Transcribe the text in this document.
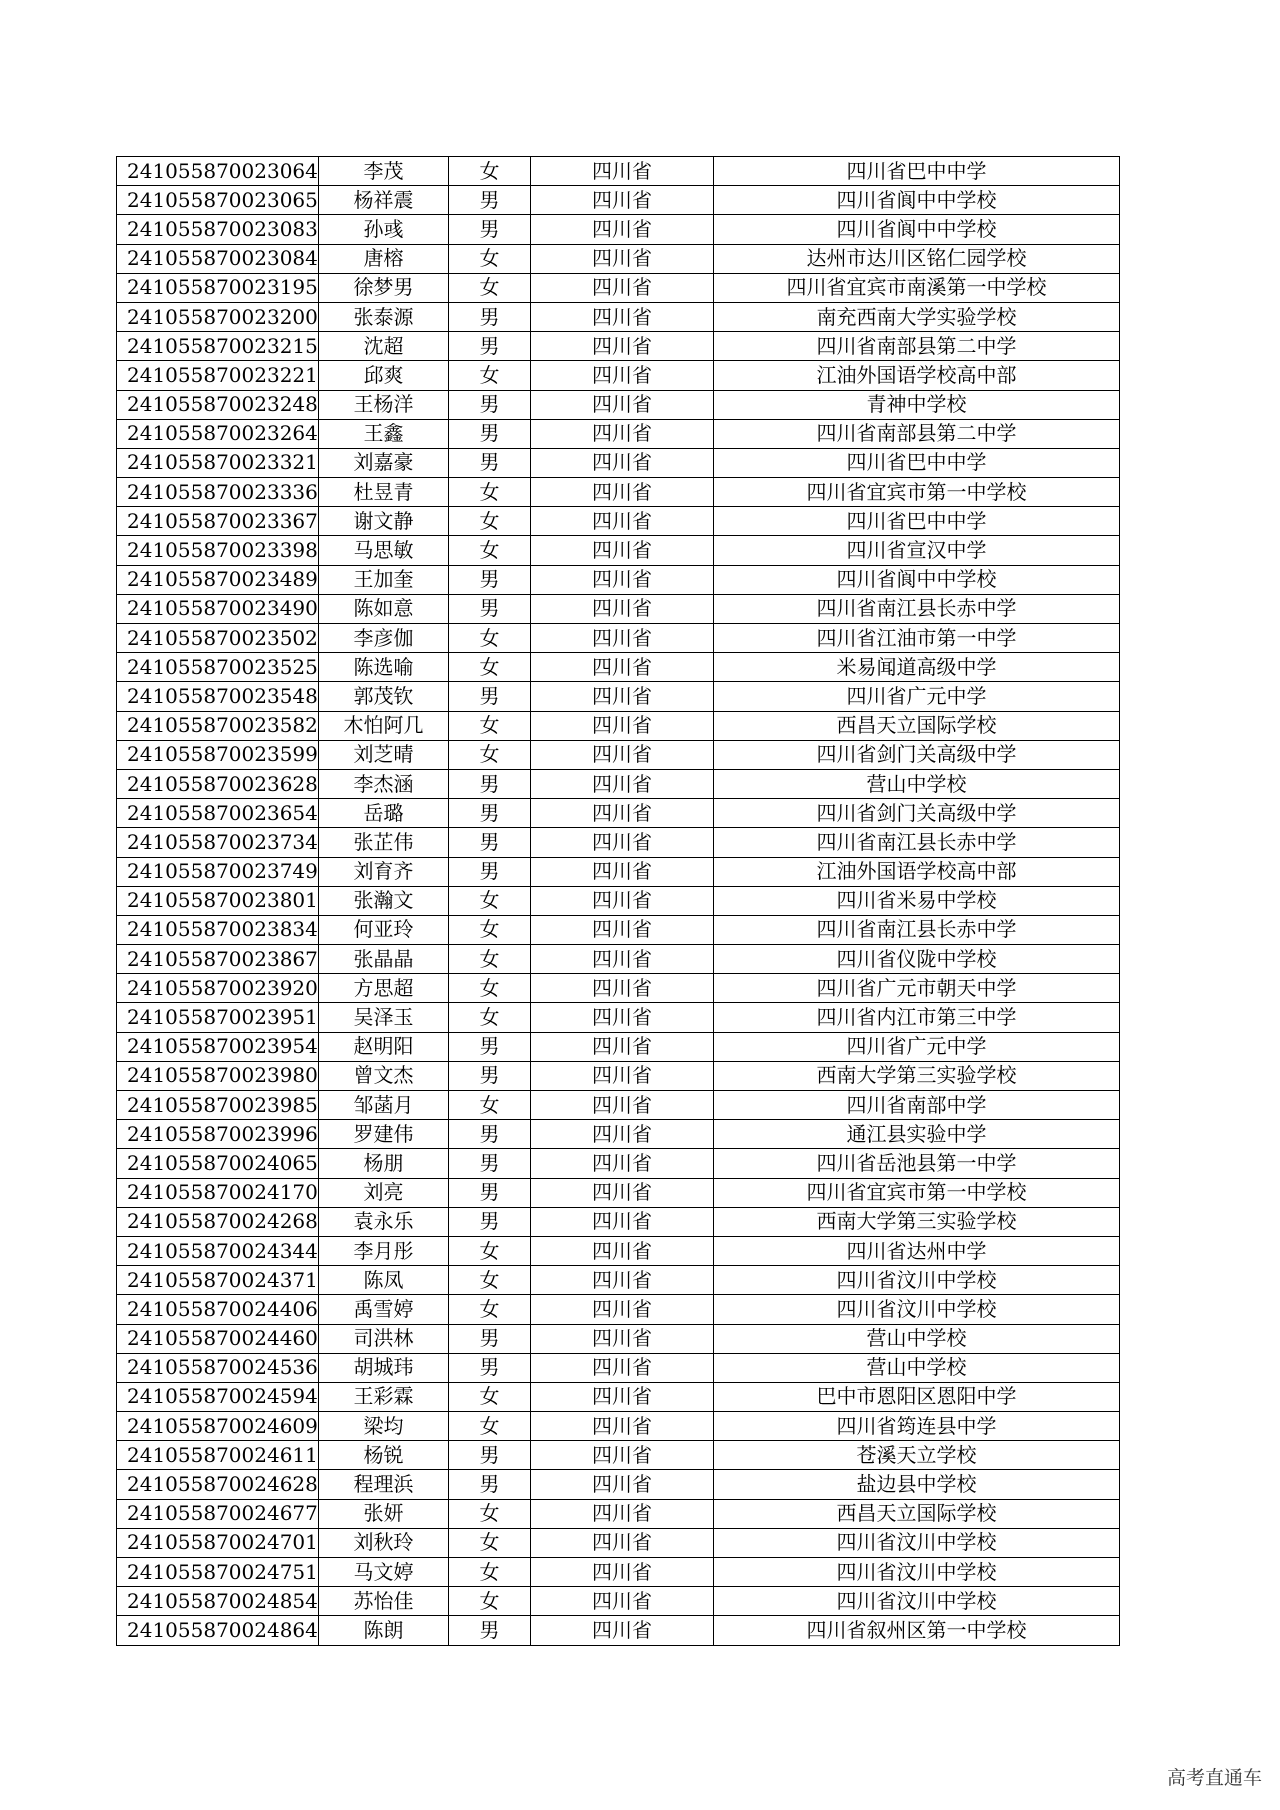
241055870023064	李茂	女	四川省	四川省巴中中学
241055870023065	杨祥震	男	四川省	四川省阆中中学校
241055870023083	孙彧	男	四川省	四川省阆中中学校
241055870023084	唐榕	女	四川省	达州市达川区铭仁园学校
241055870023195	徐梦男	女	四川省	四川省宜宾市南溪第一中学校
241055870023200	张泰源	男	四川省	南充西南大学实验学校
241055870023215	沈超	男	四川省	四川省南部县第二中学
241055870023221	邱爽	女	四川省	江油外国语学校高中部
241055870023248	王杨洋	男	四川省	青神中学校
241055870023264	王鑫	男	四川省	四川省南部县第二中学
241055870023321	刘嘉豪	男	四川省	四川省巴中中学
241055870023336	杜昱青	女	四川省	四川省宜宾市第一中学校
241055870023367	谢文静	女	四川省	四川省巴中中学
241055870023398	马思敏	女	四川省	四川省宣汉中学
241055870023489	王加奎	男	四川省	四川省阆中中学校
241055870023490	陈如意	男	四川省	四川省南江县长赤中学
241055870023502	李彦伽	女	四川省	四川省江油市第一中学
241055870023525	陈选喻	女	四川省	米易闻道高级中学
241055870023548	郭茂钦	男	四川省	四川省广元中学
241055870023582	木怕阿几	女	四川省	西昌天立国际学校
241055870023599	刘芝晴	女	四川省	四川省剑门关高级中学
241055870023628	李杰涵	男	四川省	营山中学校
241055870023654	岳璐	男	四川省	四川省剑门关高级中学
241055870023734	张芷伟	男	四川省	四川省南江县长赤中学
241055870023749	刘育齐	男	四川省	江油外国语学校高中部
241055870023801	张瀚文	女	四川省	四川省米易中学校
241055870023834	何亚玲	女	四川省	四川省南江县长赤中学
241055870023867	张晶晶	女	四川省	四川省仪陇中学校
241055870023920	方思超	女	四川省	四川省广元市朝天中学
241055870023951	吴泽玉	女	四川省	四川省内江市第三中学
241055870023954	赵明阳	男	四川省	四川省广元中学
241055870023980	曾文杰	男	四川省	西南大学第三实验学校
241055870023985	邹菡月	女	四川省	四川省南部中学
241055870023996	罗建伟	男	四川省	通江县实验中学
241055870024065	杨朋	男	四川省	四川省岳池县第一中学
241055870024170	刘亮	男	四川省	四川省宜宾市第一中学校
241055870024268	袁永乐	男	四川省	西南大学第三实验学校
241055870024344	李月彤	女	四川省	四川省达州中学
241055870024371	陈凤	女	四川省	四川省汶川中学校
241055870024406	禹雪婷	女	四川省	四川省汶川中学校
241055870024460	司洪林	男	四川省	营山中学校
241055870024536	胡城玮	男	四川省	营山中学校
241055870024594	王彩霖	女	四川省	巴中市恩阳区恩阳中学
241055870024609	梁均	女	四川省	四川省筠连县中学
241055870024611	杨锐	男	四川省	苍溪天立学校
241055870024628	程理浜	男	四川省	盐边县中学校
241055870024677	张妍	女	四川省	西昌天立国际学校
241055870024701	刘秋玲	女	四川省	四川省汶川中学校
241055870024751	马文婷	女	四川省	四川省汶川中学校
241055870024854	苏怡佳	女	四川省	四川省汶川中学校
241055870024864	陈朗	男	四川省	四川省叙州区第一中学校
高考直通车
